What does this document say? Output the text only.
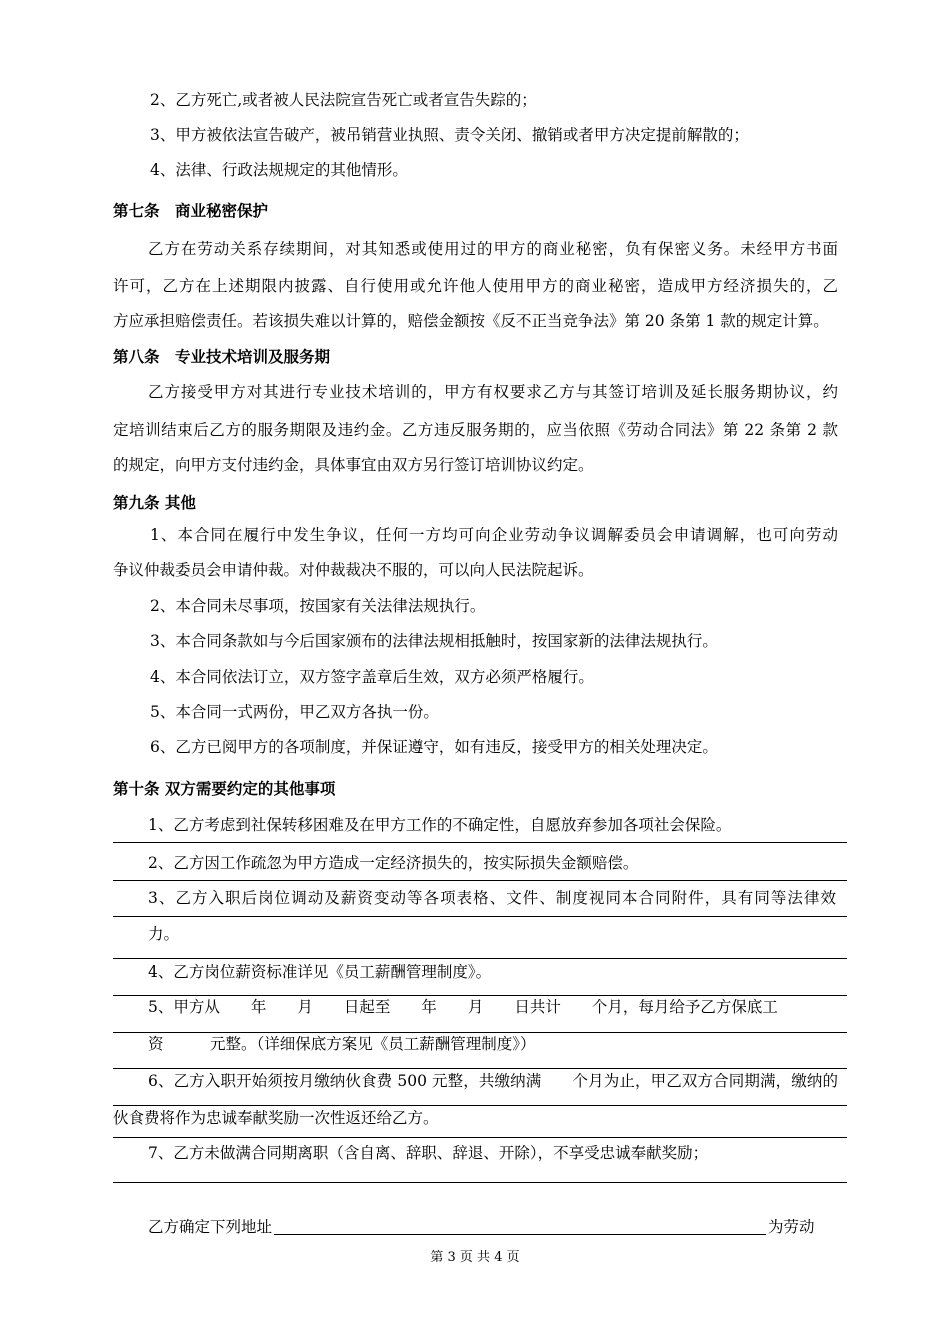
2、乙方死亡,或者被人民法院宣告死亡或者宣告失踪的；
3、甲方被依法宣告破产，被吊销营业执照、责令关闭、撤销或者甲方决定提前解散的；
4、法律、行政法规规定的其他情形。
第七条　商业秘密保护
乙方在劳动关系存续期间，对其知悉或使用过的甲方的商业秘密，负有保密义务。未经甲方书面
许可，乙方在上述期限内披露、自行使用或允许他人使用甲方的商业秘密，造成甲方经济损失的，乙
方应承担赔偿责任。若该损失难以计算的，赔偿金额按《反不正当竞争法》第 20 条第 1 款的规定计算。
第八条　专业技术培训及服务期
乙方接受甲方对其进行专业技术培训的，甲方有权要求乙方与其签订培训及延长服务期协议，约
定培训结束后乙方的服务期限及违约金。乙方违反服务期的，应当依照《劳动合同法》第 22 条第 2 款
的规定，向甲方支付违约金，具体事宜由双方另行签订培训协议约定。
第九条 其他
1、本合同在履行中发生争议，任何一方均可向企业劳动争议调解委员会申请调解，也可向劳动
争议仲裁委员会申请仲裁。对仲裁裁决不服的，可以向人民法院起诉。
2、本合同未尽事项，按国家有关法律法规执行。
3、本合同条款如与今后国家颁布的法律法规相抵触时，按国家新的法律法规执行。
4、本合同依法订立，双方签字盖章后生效，双方必须严格履行。
5、本合同一式两份，甲乙双方各执一份。
6、乙方已阅甲方的各项制度，并保证遵守，如有违反，接受甲方的相关处理决定。
第十条 双方需要约定的其他事项
1、乙方考虑到社保转移困难及在甲方工作的不确定性，自愿放弃参加各项社会保险。
2、乙方因工作疏忽为甲方造成一定经济损失的，按实际损失金额赔偿。
3、乙方入职后岗位调动及薪资变动等各项表格、文件、制度视同本合同附件，具有同等法律效
力。
4、乙方岗位薪资标准详见《员工薪酬管理制度》。
5、甲方从　　年　　月　　日起至　　年　　月　　日共计　　个月，每月给予乙方保底工
资　　　元整。（详细保底方案见《员工薪酬管理制度》）
6、乙方入职开始须按月缴纳伙食费 500 元整，共缴纳满　　个月为止，甲乙双方合同期满，缴纳的
伙食费将作为忠诚奉献奖励一次性返还给乙方。
7、乙方未做满合同期离职（含自离、辞职、辞退、开除），不享受忠诚奉献奖励；
乙方确定下列地址	为劳动
第 3 页 共 4 页
